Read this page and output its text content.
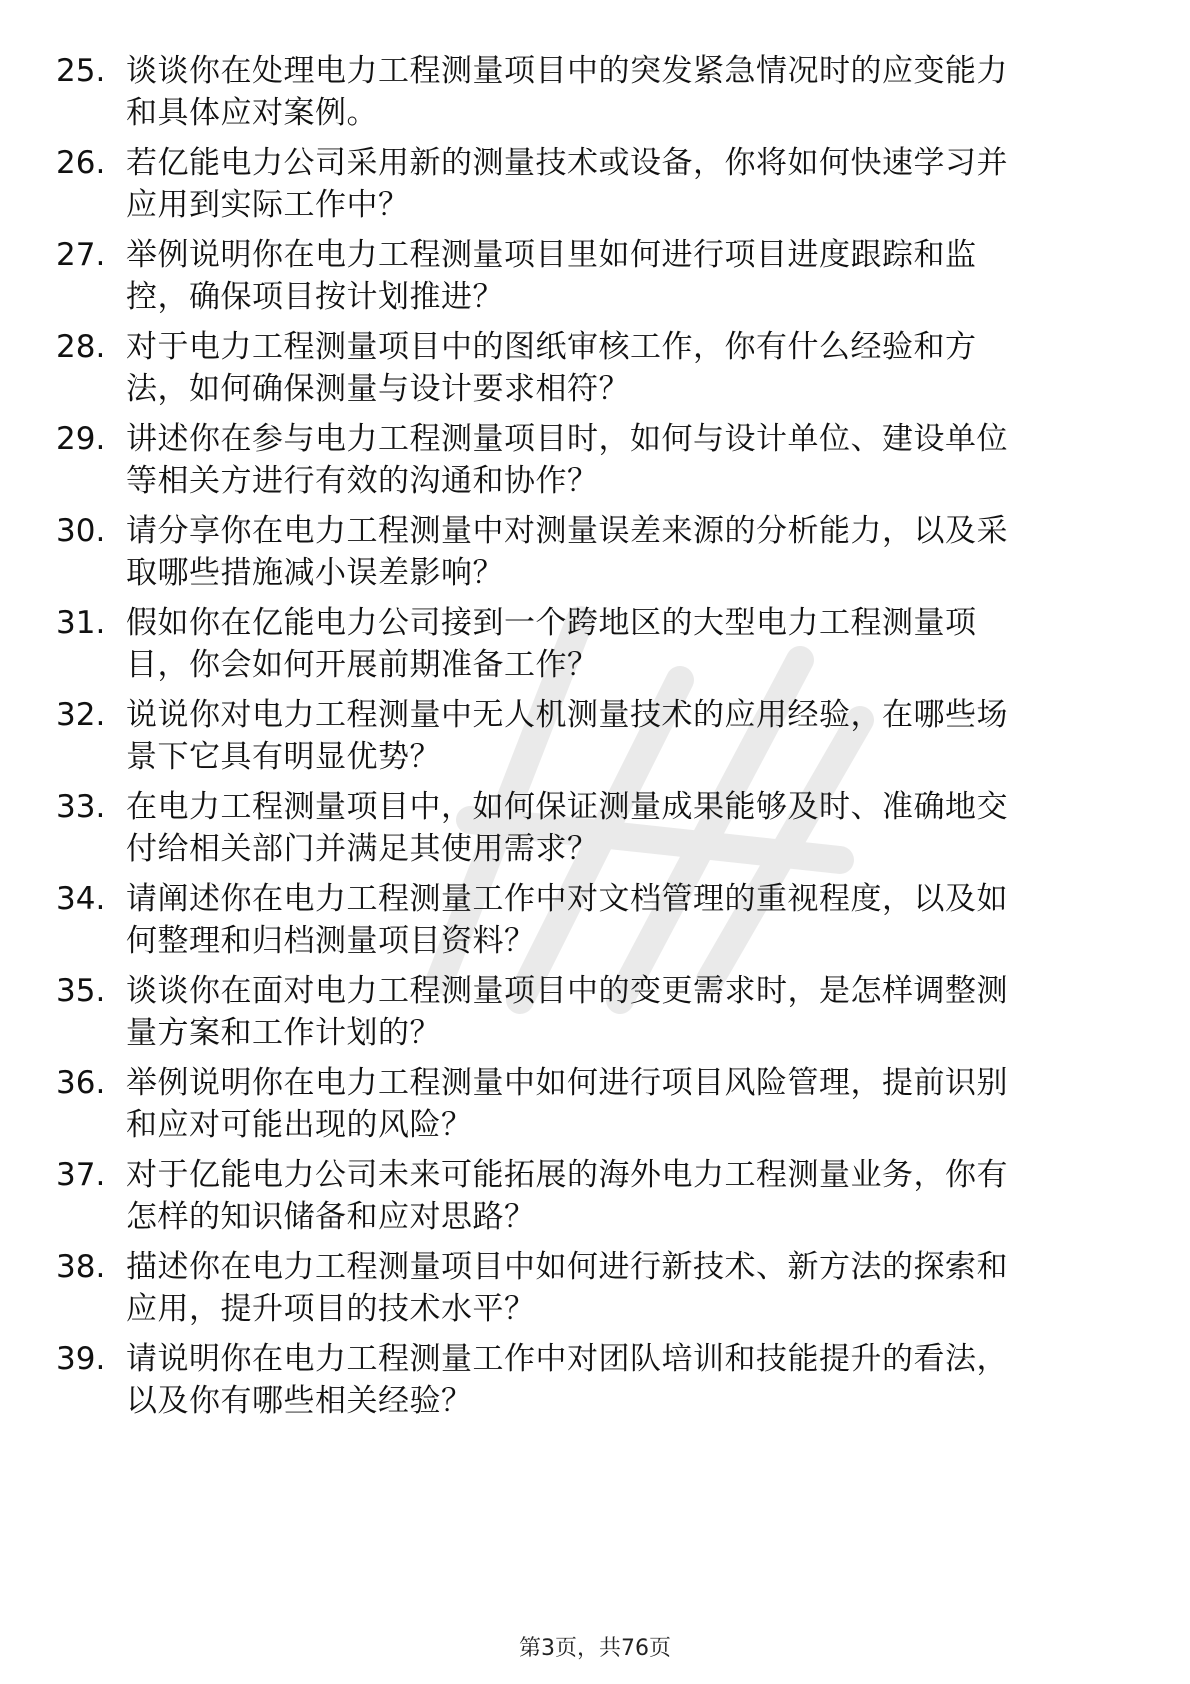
25. 谈谈你在处理电力工程测量项目中的突发紧急情况时的应变能力
和具体应对案例。
26. 若亿能电力公司采用新的测量技术或设备，你将如何快速学习并
应用到实际工作中？
27. 举例说明你在电力工程测量项目里如何进行项目进度跟踪和监
控，确保项目按计划推进？
28. 对于电力工程测量项目中的图纸审核工作，你有什么经验和方
法，如何确保测量与设计要求相符？
29. 讲述你在参与电力工程测量项目时，如何与设计单位、建设单位
等相关方进行有效的沟通和协作？
30. 请分享你在电力工程测量中对测量误差来源的分析能力，以及采
取哪些措施减小误差影响？
31. 假如你在亿能电力公司接到一个跨地区的大型电力工程测量项
目，你会如何开展前期准备工作？
32. 说说你对电力工程测量中无人机测量技术的应用经验，在哪些场
景下它具有明显优势？
33. 在电力工程测量项目中，如何保证测量成果能够及时、准确地交
付给相关部门并满足其使用需求？
34. 请阐述你在电力工程测量工作中对文档管理的重视程度，以及如
何整理和归档测量项目资料？
35. 谈谈你在面对电力工程测量项目中的变更需求时，是怎样调整测
量方案和工作计划的？
36. 举例说明你在电力工程测量中如何进行项目风险管理，提前识别
和应对可能出现的风险？
37. 对于亿能电力公司未来可能拓展的海外电力工程测量业务，你有
怎样的知识储备和应对思路？
38. 描述你在电力工程测量项目中如何进行新技术、新方法的探索和
应用，提升项目的技术水平？
39. 请说明你在电力工程测量工作中对团队培训和技能提升的看法，
以及你有哪些相关经验？
第3页，共76页
